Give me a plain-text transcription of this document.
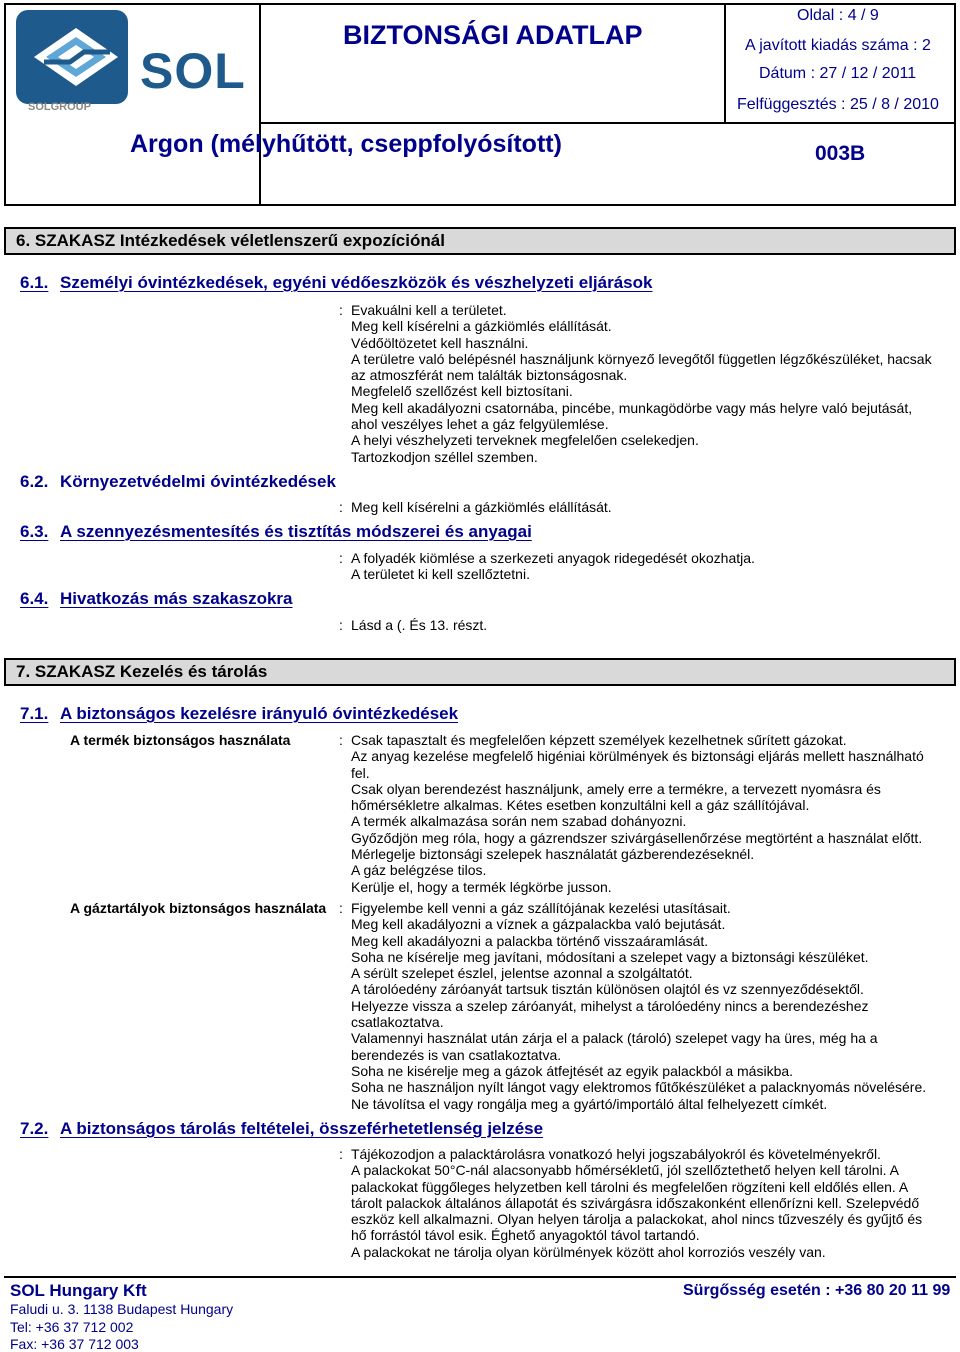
SOL
SOLGROUP
BIZTONSÁGI ADATLAP
Oldal : 4 / 9
A javított kiadás száma : 2
Dátum : 27 / 12 / 2011
Felfüggesztés : 25 / 8 / 2010
Argon (mélyhűtött, cseppfolyósított)	003B
6. SZAKASZ Intézkedések véletlenszerű expozíciónál
6.1. Személyi óvintézkedések, egyéni védőeszközök és vészhelyzeti eljárások
: Evakuálni kell a területet.
Meg kell kísérelni a gázkiömlés elállítását.
Védőöltözetet kell használni.
A területre való belépésnél használjunk környező levegőtől független légzőkészüléket, hacsak
az atmoszférát nem találták biztonságosnak.
Megfelelő szellőzést kell biztosítani.
Meg kell akadályozni csatornába, pincébe, munkagödörbe vagy más helyre való bejutását,
ahol veszélyes lehet a gáz felgyülemlése.
A helyi vészhelyzeti terveknek megfelelően cselekedjen.
Tartozkodjon széllel szemben.
6.2. Környezetvédelmi óvintézkedések
: Meg kell kísérelni a gázkiömlés elállítását.
6.3. A szennyezésmentesítés és tisztítás módszerei és anyagai
: A folyadék kiömlése a szerkezeti anyagok ridegedését okozhatja.
A területet ki kell szellőztetni.
6.4. Hivatkozás más szakaszokra
: Lásd a (. És 13. részt.
7. SZAKASZ Kezelés és tárolás
7.1. A biztonságos kezelésre irányuló óvintézkedések
A termék biztonságos használata	: Csak tapasztalt és megfelelően képzett személyek kezelhetnek sűrített gázokat.
Az anyag kezelése megfelelő higéniai körülmények és biztonsági eljárás mellett használható
fel.
Csak olyan berendezést használjunk, amely erre a termékre, a tervezett nyomásra és
hőmérsékletre alkalmas. Kétes esetben konzultálni kell a gáz szállítójával.
A termék alkalmazása során nem szabad dohányozni.
Győződjön meg róla, hogy a gázrendszer szivárgásellenőrzése megtörtént a használat előtt.
Mérlegelje biztonsági szelepek használatát gázberendezéseknél.
A gáz belégzése tilos.
Kerülje el, hogy a termék légkörbe jusson.
A gáztartályok biztonságos használata : Figyelembe kell venni a gáz szállítójának kezelési utasításait.
Meg kell akadályozni a víznek a gázpalackba való bejutását.
Meg kell akadályozni a palackba történő visszaáramlását.
Soha ne kísérelje meg javítani, módosítani a szelepet vagy a biztonsági készüléket.
A sérült szelepet észlel, jelentse azonnal a szolgáltatót.
A tárolóedény záróanyát tartsuk tisztán különösen olajtól és vz szennyeződésektől.
Helyezze vissza a szelep záróanyát, mihelyst a tárolóedény nincs a berendezéshez
csatlakoztatva.
Valamennyi használat után zárja el a palack (tároló) szelepet vagy ha üres, még ha a
berendezés is van csatlakoztatva.
Soha ne kisérelje meg a gázok átfejtését az egyik palackból a másikba.
Soha ne használjon nyílt lángot vagy elektromos fűtőkészüléket a palacknyomás növelésére.
Ne távolítsa el vagy rongálja meg a gyártó/importáló által felhelyezett címkét.
7.2. A biztonságos tárolás feltételei, összeférhetetlenség jelzése
: Tájékozodjon a palacktárolásra vonatkozó helyi jogszabályokról és követelményekről.
A palackokat 50°C-nál alacsonyabb hőmérsékletű, jól szellőztethető helyen kell tárolni. A
palackokat függőleges helyzetben kell tárolni és megfelelően rögzíteni kell eldőlés ellen. A
tárolt palackok általános állapotát és szivárgásra időszakonként ellenőrízni kell. Szelepvédő
eszköz kell alkalmazni. Olyan helyen tárolja a palackokat, ahol nincs tűzveszély és gyűjtő és
hő forrástól távol esik. Éghető anyagoktól távol tartandó.
A palackokat ne tárolja olyan körülmények között ahol korroziós veszély van.
SOL Hungary Kft
Faludi u. 3. 1138 Budapest Hungary
Tel: +36 37 712 002
Fax: +36 37 712 003
Sürgősség esetén : +36 80 20 11 99
